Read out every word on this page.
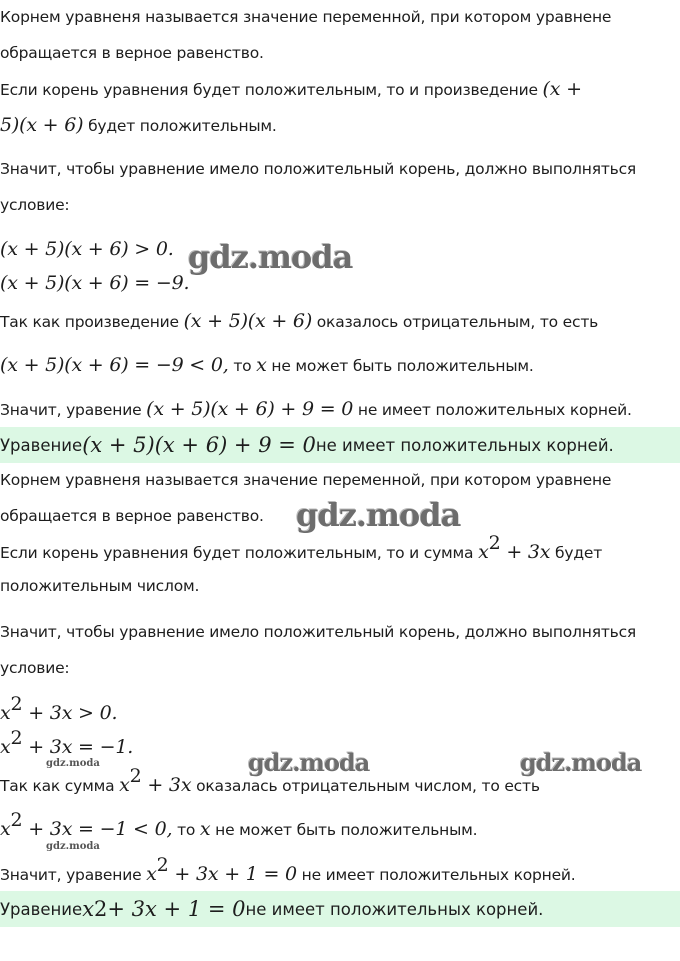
Корнем уравненя называется значение переменной, при котором уравнене
обращается в верное равенство.
Если корень уравнения будет положительным, то и произведение (x +
5)(x + 6) будет положительным.
Значит, чтобы уравнение имело положительный корень, должно выполняться
условие:
(x + 5)(x + 6) > 0.
(x + 5)(x + 6) = −9.
Так как произведение (x + 5)(x + 6) оказалось отрицательным, то есть
(x + 5)(x + 6) = −9 < 0, то x не может быть положительным.
Значит, уравение (x + 5)(x + 6) + 9 = 0 не имеет положительных корней.
Уравение (x + 5)(x + 6) + 9 = 0 не имеет положительных корней.
Корнем уравненя называется значение переменной, при котором уравнене
обращается в верное равенство.
Если корень уравнения будет положительным, то и сумма $x^2 + 3x$ будет
положительным числом.
Значит, чтобы уравнение имело положительный корень, должно выполняться
условие:
$x^2 + 3x > 0$.
$x^2 + 3x = -1$.
Так как сумма $x^2 + 3x$ оказалась отрицательным числом, то есть
$x^2 + 3x = -1 < 0$, то x не может быть положительным.
Значит, уравение $x^2 + 3x + 1 = 0$ не имеет положительных корней.
Уравение x 2 + 3x + 1 = 0 не имеет положительных корней.
gdz.moda
gdz.moda
gdz.moda	gdz.moda
gdz.moda
gdz.moda
